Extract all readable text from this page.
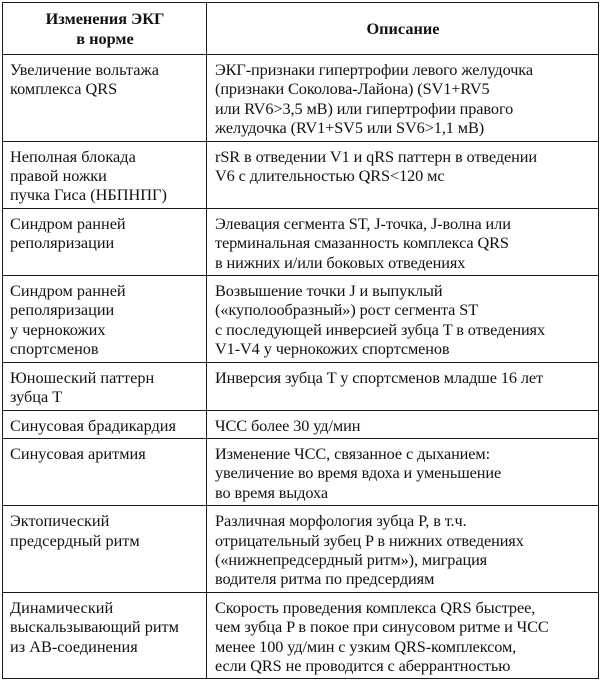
Изменения ЭКГ
в норме	Описание
Увеличение вольтажа
комплекса QRS	ЭКГ-признаки гипертрофии левого желудочка
(признаки Соколова-Лайона) (SV1+RV5
или RV6>3,5 мВ) или гипертрофии правого
желудочка (RV1+SV5 или SV6>1,1 мВ)
Неполная блокада
правой ножки
пучка Гиса (НБПНПГ)	rSR в отведении V1 и qRS паттерн в отведении
V6 с длительностью QRS<120 мс
Синдром ранней
реполяризации	Элевация сегмента ST, J-точка, J-волна или
терминальная смазанность комплекса QRS
в нижних и/или боковых отведениях
Синдром ранней
реполяризации
у чернокожих
спортсменов	Возвышение точки J и выпуклый
(«куполообразный») рост сегмента ST
с последующей инверсией зубца T в отведениях
V1-V4 у чернокожих спортсменов
Юношеский паттерн
зубца T	Инверсия зубца T у спортсменов младше 16 лет
Синусовая брадикардия	ЧСС более 30 уд/мин
Синусовая аритмия	Изменение ЧСС, связанное с дыханием:
увеличение во время вдоха и уменьшение
во время выдоха
Эктопический
предсердный ритм	Различная морфология зубца P, в т.ч.
отрицательный зубец P в нижних отведениях
(«нижнепредсердный ритм»), миграция
водителя ритма по предсердиям
Динамический
выскальзывающий ритм
из АВ-соединения	Скорость проведения комплекса QRS быстрее,
чем зубца P в покое при синусовом ритме и ЧСС
менее 100 уд/мин с узким QRS-комплексом,
если QRS не проводится с аберрантностью
